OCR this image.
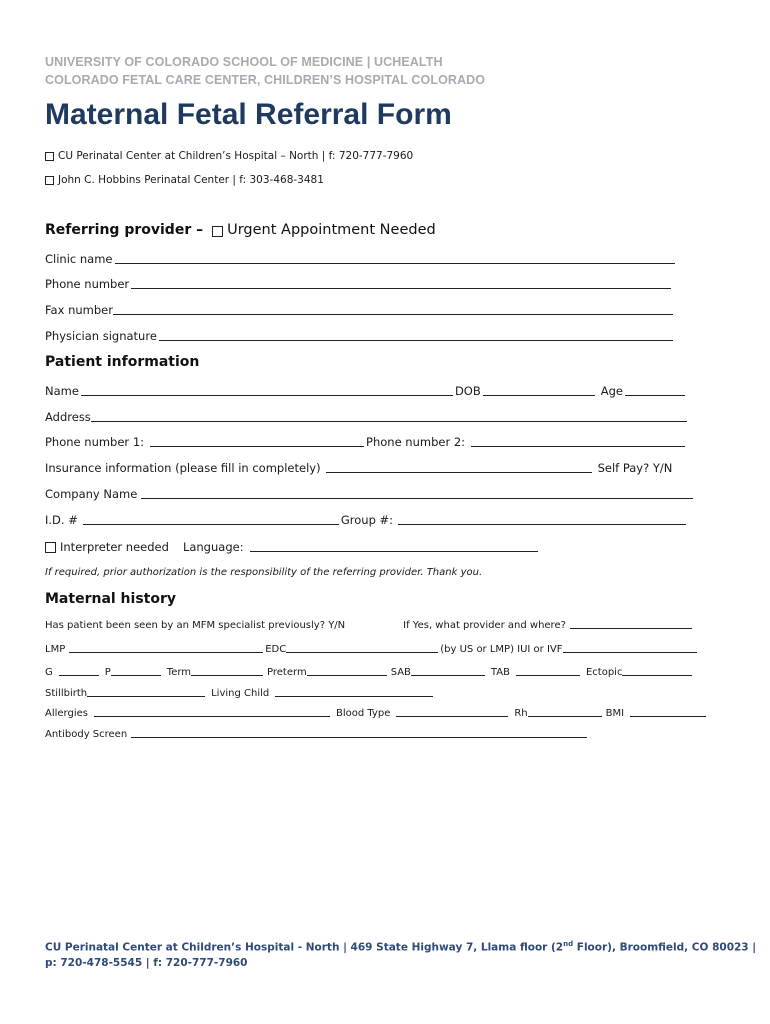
UNIVERSITY OF COLORADO SCHOOL OF MEDICINE | UCHEALTH
COLORADO FETAL CARE CENTER, CHILDREN’S HOSPITAL COLORADO
Maternal Fetal Referral Form
CU Perinatal Center at Children’s Hospital – North | f: 720-777-7960
John C. Hobbins Perinatal Center | f: 303-468-3481
Referring provider – Urgent Appointment Needed
Clinic name
Phone number
Fax number
Physician signature
Patient information
Name	DOB	Age
Address
Phone number 1:	Phone number 2:
Insurance information (please fill in completely)	Self Pay? Y/N
Company Name
I.D. #	Group #:
Interpreter needed Language:
If required, prior authorization is the responsibility of the referring provider. Thank you.
Maternal history
Has patient been seen by an MFM specialist previously? Y/N	If Yes, what provider and where?
LMP	EDC	(by US or LMP) IUI or IVF
G	P	Term	Preterm	SAB	TAB	Ectopic
Stillbirth	Living Child
Allergies	Blood Type	Rh	BMI
Antibody Screen
CU Perinatal Center at Children’s Hospital - North | 469 State Highway 7, Llama floor (2nd Floor), Broomfield, CO 80023 |
p: 720-478-5545 | f: 720-777-7960
